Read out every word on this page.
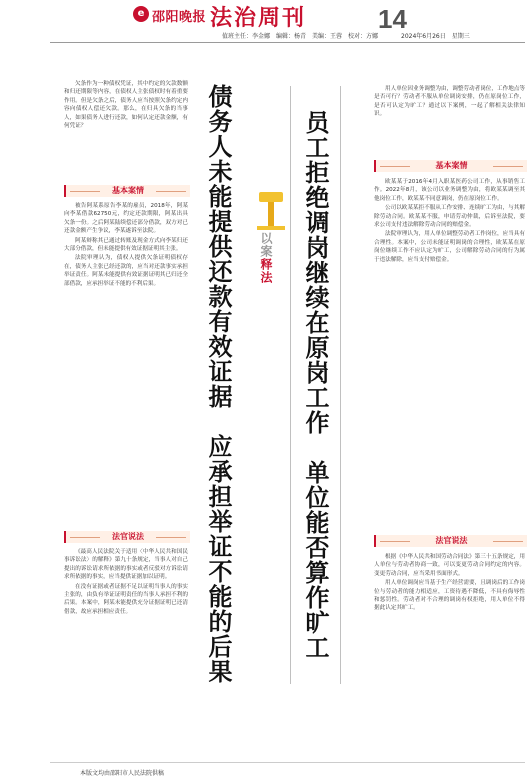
e 邵阳晚报 法治周刊
值班主任：李金娜　编辑：杨青　美编：王蓉　校对：方娜
14
2024年6月26日　星期三

欠条作为一种债权凭证，其中约定的欠款数额和归还期限等内容，在债权人主张债权时有着重要作用。但是欠条之后，债务人应当按照欠条约定内容向债权人偿还欠款。那么，在归具欠条的当事人，如果债务人进行还款，如何认定还款金额，有何凭证？

基本案情

被告阿某系原告李某的雇员，2018年，阿某向李某借款62750元，约定还款期限，阿某出具欠条一份。之后阿某陆续偿还部分借款，双方对已还款金额产生争议，李某遂诉至法院。

阿某辩称其已通过转账及现金方式向李某归还大部分借款，但未能提供有效证据证明其主张。

法院审理认为，债权人提供欠条证明债权存在，债务人主张已经还款的，应当对还款事实承担举证责任。阿某未能提供有效证据证明其已归还全部借款，应承担举证不能的不利后果。

法官说法

《最高人民法院关于适用〈中华人民共和国民事诉讼法〉的解释》第九十条规定，当事人对自己提出的诉讼请求所依据的事实或者反驳对方诉讼请求所依据的事实，应当提供证据加以证明。

在没有证据或者证据不足以证明当事人的事实主张的，由负有举证证明责任的当事人承担不利的后果。本案中，阿某未能提供充分证据证明已还清借款，故应承担相应责任。	债务人未能提供还款有效证据　应承担举证不能的后果 以案释法 员工拒绝调岗继续在原岗工作　单位能否算作旷工

用人单位因业务调整为由，调整劳动者岗位，工作地点等是否可行？劳动者不服从单位调岗安排，仍在原岗位工作，是否可认定为旷工？通过以下案例，一起了解相关法律知识。

基本案情

欧某某于2016年4月入职某医药公司工作，从事销售工作。2022年8月，该公司以业务调整为由，将欧某某调至其他岗位工作，欧某某不同意调岗，仍在原岗位工作。

公司以欧某某拒不服从工作安排、连续旷工为由，与其解除劳动合同。欧某某不服，申请劳动仲裁，后诉至法院，要求公司支付违法解除劳动合同的赔偿金。

法院审理认为，用人单位调整劳动者工作岗位，应当具有合理性。本案中，公司未能证明调岗的合理性，欧某某在原岗位继续工作不应认定为旷工，公司解除劳动合同的行为属于违法解除，应当支付赔偿金。

法官说法

根据《中华人民共和国劳动合同法》第三十五条规定，用人单位与劳动者协商一致，可以变更劳动合同约定的内容。变更劳动合同，应当采用书面形式。

用人单位调岗应当基于生产经营需要，且调岗后的工作岗位与劳动者的能力相适应，工资待遇不降低，不具有侮辱性和惩罚性。劳动者对不合理的调岗有权拒绝，用人单位不得据此认定其旷工。

本版文均由邵阳市人民法院供稿
